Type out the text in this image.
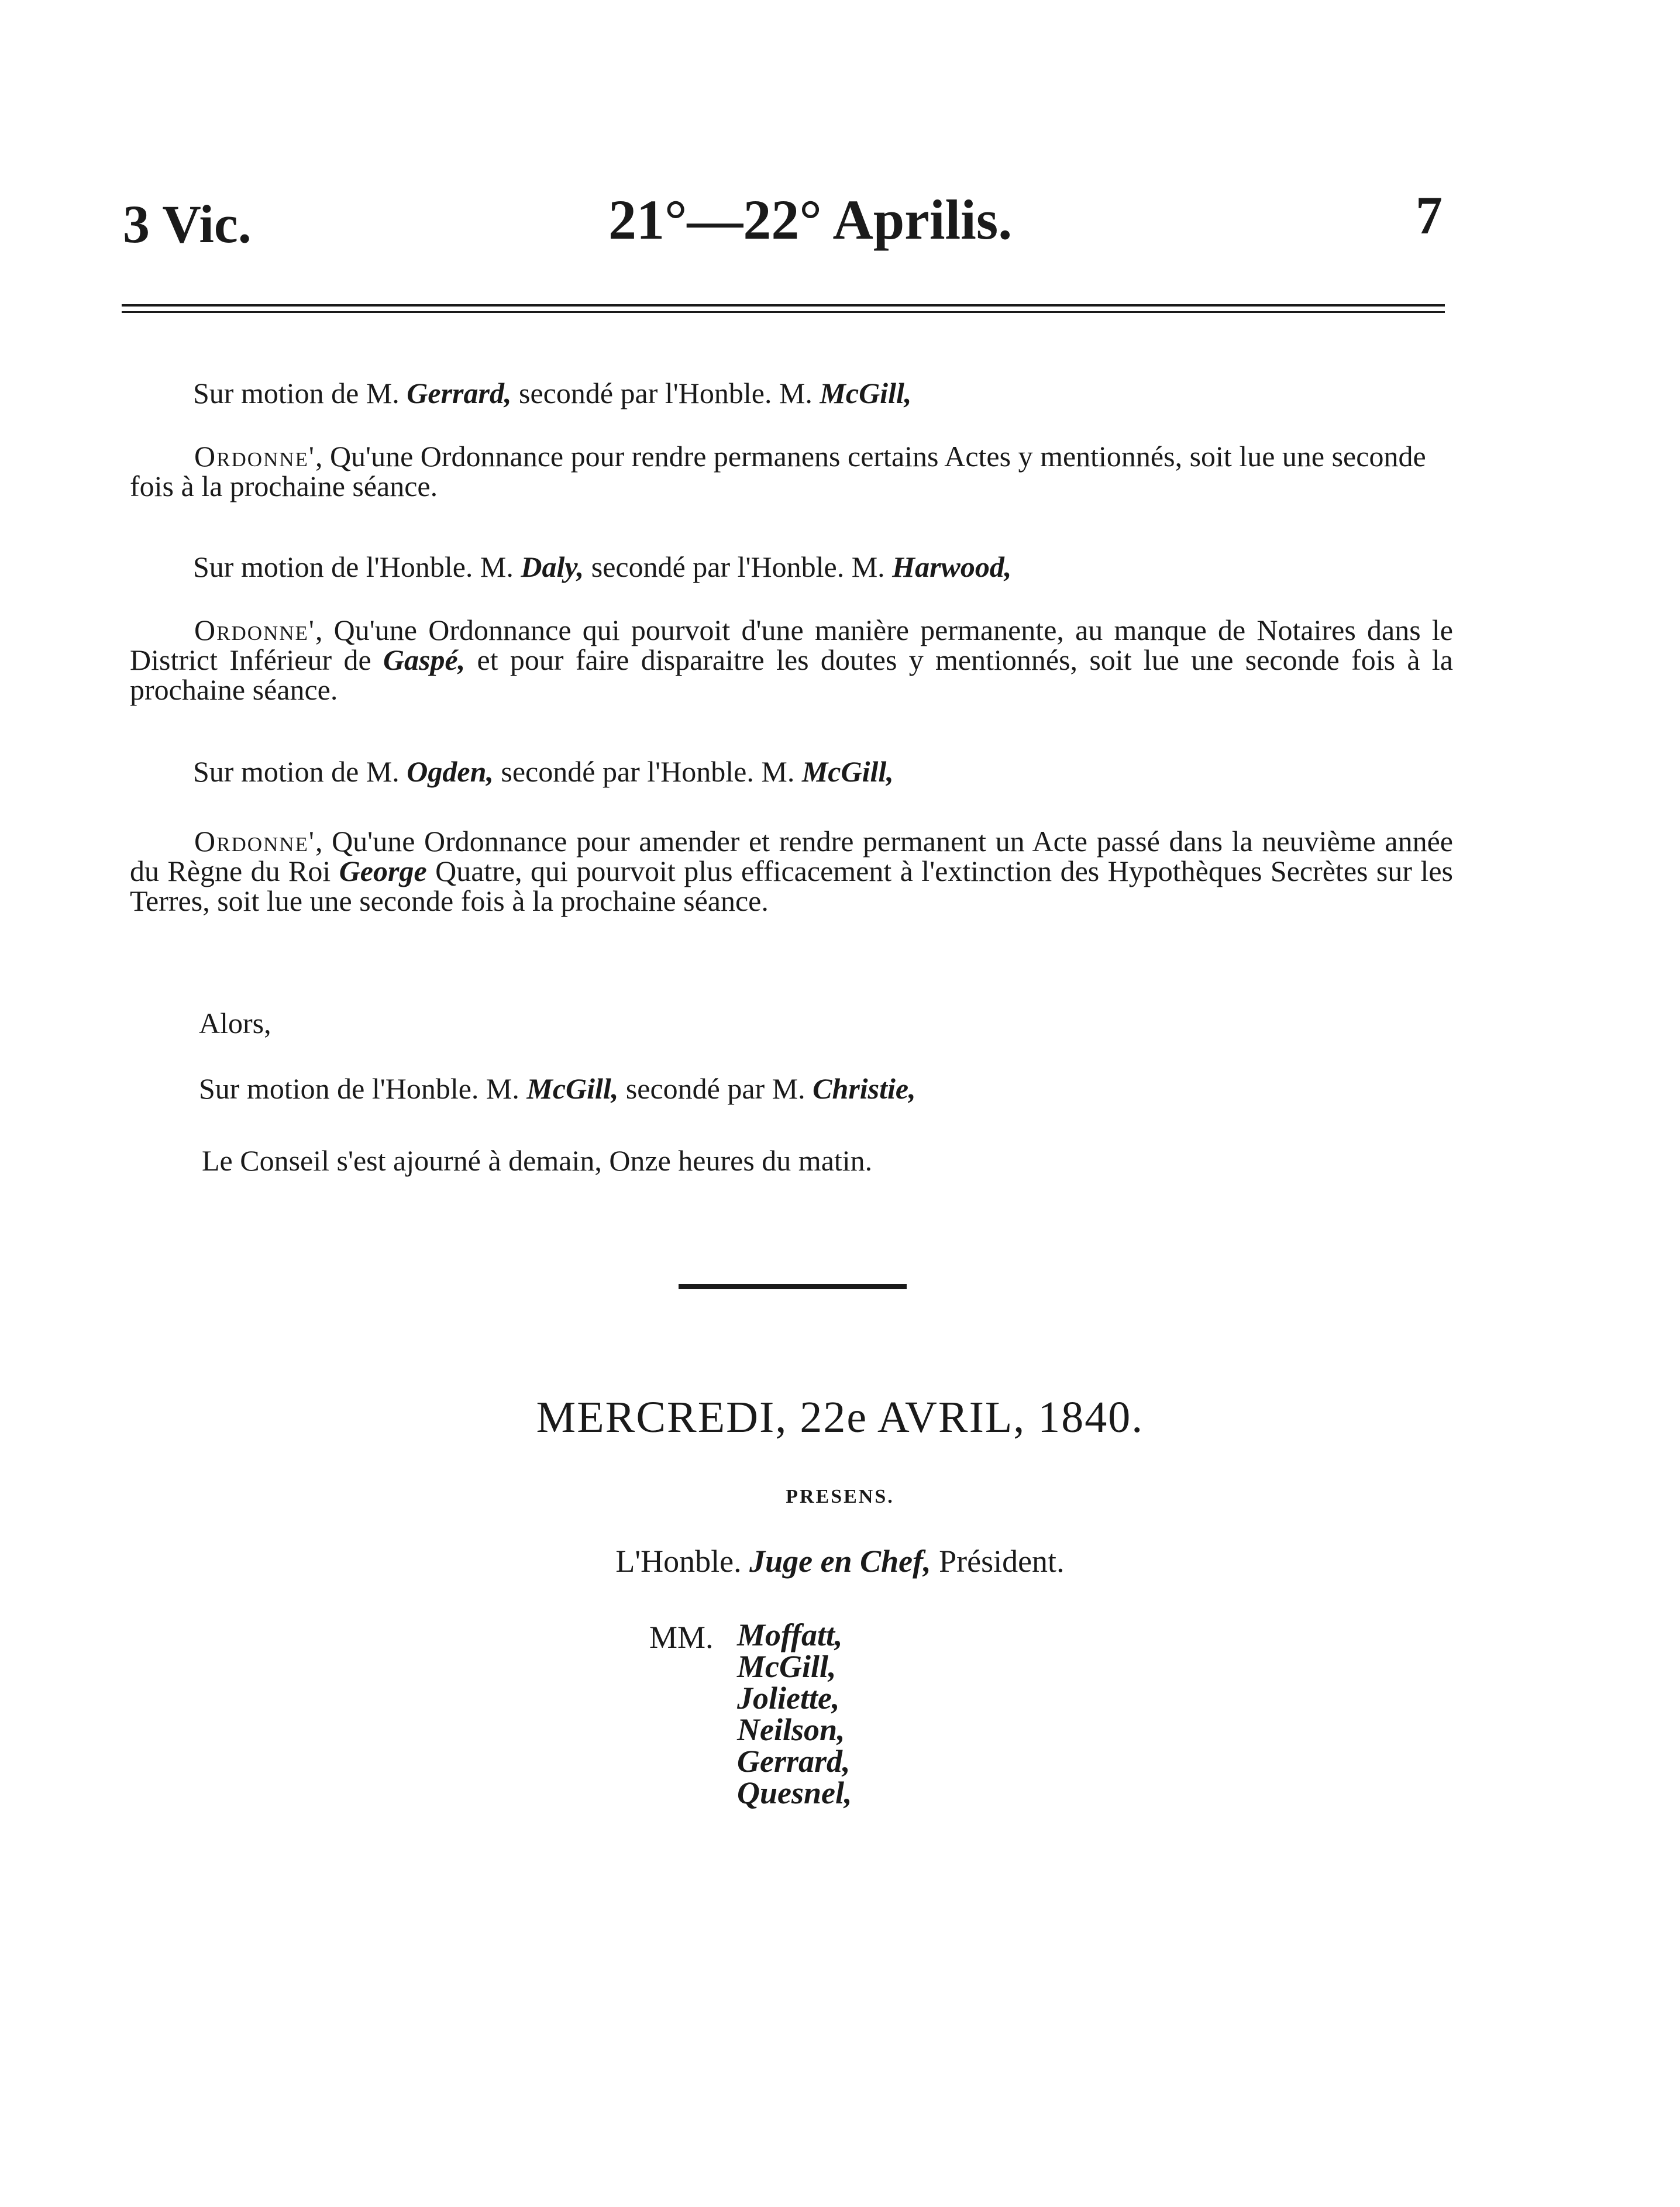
3 Vic.	21°—22° Aprilis.	7
Sur motion de M. Gerrard, secondé par l'Honble. M. McGill,
Ordonne', Qu'une Ordonnance pour rendre permanens certains Actes y mentionnés, soit lue une seconde fois à la prochaine séance.
Sur motion de l'Honble. M. Daly, secondé par l'Honble. M. Harwood,
Ordonne', Qu'une Ordonnance qui pourvoit d'une manière permanente, au manque de Notaires dans le District Inférieur de Gaspé, et pour faire disparaitre les doutes y mentionnés, soit lue une seconde fois à la prochaine séance.
Sur motion de M. Ogden, secondé par l'Honble. M. McGill,
Ordonne', Qu'une Ordonnance pour amender et rendre permanent un Acte passé dans la neuvième année du Règne du Roi George Quatre, qui pourvoit plus efficacement à l'extinction des Hypothèques Secrètes sur les Terres, soit lue une seconde fois à la prochaine séance.
Alors,
Sur motion de l'Honble. M. McGill, secondé par M. Christie,
Le Conseil s'est ajourné à demain, Onze heures du matin.
MERCREDI, 22e AVRIL, 1840.
PRESENS.
L'Honble. Juge en Chef, Président.
MM. Moffatt,
McGill,
Joliette,
Neilson,
Gerrard,
Quesnel,
